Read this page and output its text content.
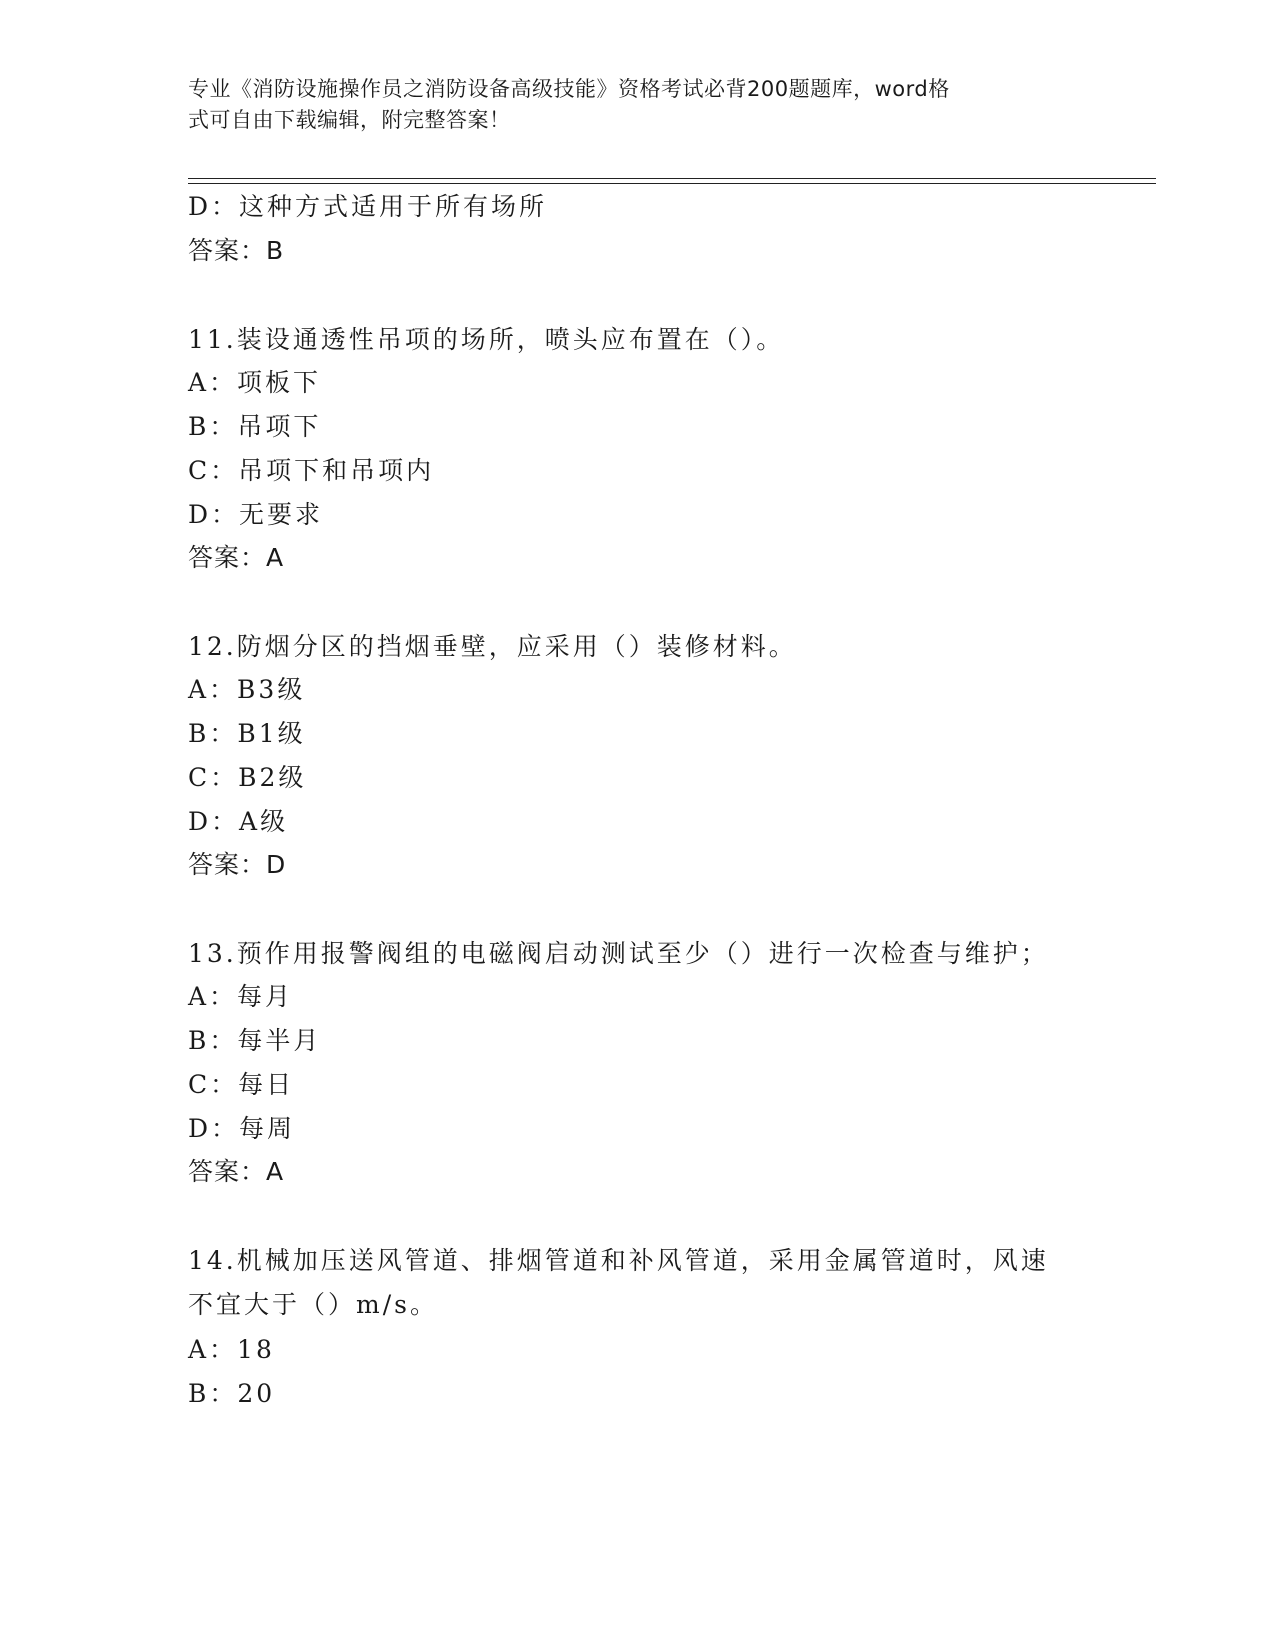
专业《消防设施操作员之消防设备高级技能》资格考试必背200题题库，word格
式可自由下载编辑，附完整答案！
D：这种方式适用于所有场所
答案：B
11.装设通透性吊项的场所，喷头应布置在（）。
A：项板下
B：吊项下
C：吊项下和吊项内
D：无要求
答案：A
12.防烟分区的挡烟垂壁，应采用（）装修材料。
A：B3级
B：B1级
C：B2级
D：A级
答案：D
13.预作用报警阀组的电磁阀启动测试至少（）进行一次检查与维护；
A：每月
B：每半月
C：每日
D：每周
答案：A
14.机械加压送风管道、排烟管道和补风管道，采用金属管道时，风速
不宜大于（）m/s。
A：18
B：20
